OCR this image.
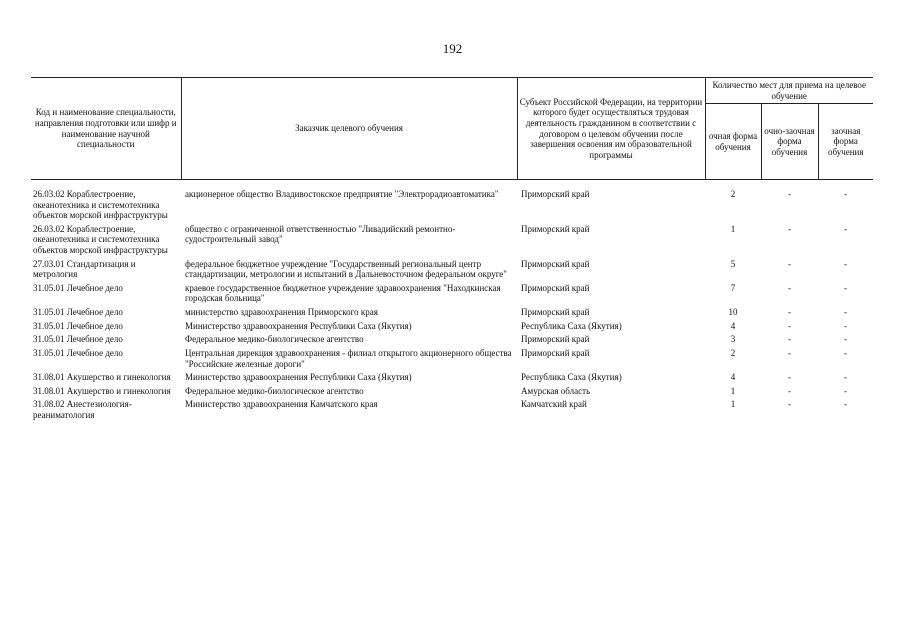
192
Код и наименование специальности, направления подготовки или шифр и наименование научной специальности	Заказчик целевого обучения	Субъект Российской Федерации, на территории которого будет осуществляться трудовая деятельность гражданином в соответствии с договором о целевом обучении после завершения освоения им образовательной программы	Количество мест для приема на целевое обучение		
			очная форма обучения	очно-заочная форма обучения	заочная форма обучения

26.03.02 Кораблестроение, океанотехника и системотехника объектов морской инфраструктуры	акционерное общество Владивостокское предприятие "Электрорадиоавтоматика"	Приморский край	2	-	-
26.03.02 Кораблестроение, океанотехника и системотехника объектов морской инфраструктуры	общество с ограниченной ответственностью "Ливадийский ремонтно-судостроительный завод"	Приморский край	1	-	-
27.03.01 Стандартизация и метрология	федеральное бюджетное учреждение "Государственный региональный центр стандартизации, метрологии и испытаний в Дальневосточном федеральном округе"	Приморский край	5	-	-
31.05.01 Лечебное дело	краевое государственное бюджетное учреждение здравоохранения "Находкинская городская больница"	Приморский край	7	-	-
31.05.01 Лечебное дело	министерство здравоохранения Приморского края	Приморский край	10	-	-
31.05.01 Лечебное дело	Министерство здравоохранения Республики Саха (Якутия)	Республика Саха (Якутия)	4	-	-
31.05.01 Лечебное дело	Федеральное медико-биологическое агентство	Приморский край	3	-	-
31.05.01 Лечебное дело	Центральная дирекция здравоохранения - филиал открытого акционерного общества "Российские железные дороги"	Приморский край	2	-	-
31.08.01 Акушерство и гинекология	Министерство здравоохранения Республики Саха (Якутия)	Республика Саха (Якутия)	4	-	-
31.08.01 Акушерство и гинекология	Федеральное медико-биологическое агентство	Амурская область	1	-	-
31.08.02 Анестезиология-реаниматология	Министерство здравоохранения Камчатского края	Камчатский край	1	-	-
